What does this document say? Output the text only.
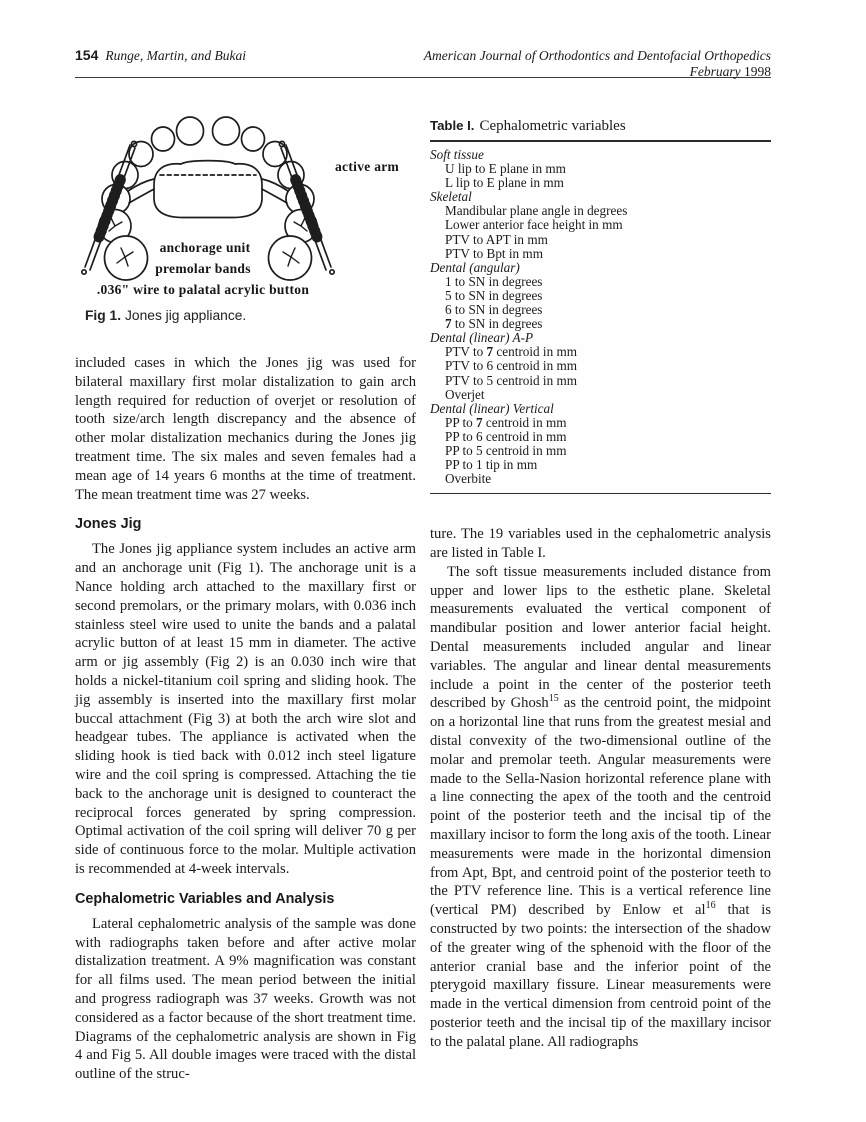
154 Runge, Martin, and Bukai	American Journal of Orthodontics and Dentofacial Orthopedics
February 1998
active arm
anchorage unit
premolar bands
.036" wire to palatal acrylic button
Fig 1. Jones jig appliance.

included cases in which the Jones jig was used for bilateral maxillary first molar distalization to gain arch length required for reduction of overjet or resolution of tooth size/arch length discrepancy and the absence of other molar distalization mechanics during the Jones jig treatment time. The six males and seven females had a mean age of 14 years 6 months at the time of treatment. The mean treatment time was 27 weeks.

Jones Jig

The Jones jig appliance system includes an active arm and an anchorage unit (Fig 1). The anchorage unit is a Nance holding arch attached to the maxillary first or second premolars, or the primary molars, with 0.036 inch stainless steel wire used to unite the bands and a palatal acrylic button of at least 15 mm in diameter. The active arm or jig assembly (Fig 2) is an 0.030 inch wire that holds a nickel-titanium coil spring and sliding hook. The jig assembly is inserted into the maxillary first molar buccal attachment (Fig 3) at both the arch wire slot and headgear tubes. The appliance is activated when the sliding hook is tied back with 0.012 inch steel ligature wire and the coil spring is compressed. Attaching the tie back to the anchorage unit is designed to counteract the reciprocal forces generated by spring compression. Optimal activation of the coil spring will deliver 70 g per side of continuous force to the molar. Multiple activation is recommended at 4-week intervals.

Cephalometric Variables and Analysis

Lateral cephalometric analysis of the sample was done with radiographs taken before and after active molar distalization treatment. A 9% magnification was constant for all films used. The mean period between the initial and progress radiograph was 37 weeks. Growth was not considered as a factor because of the short treatment time. Diagrams of the cephalometric analysis are shown in Fig 4 and Fig 5. All double images were traced with the distal outline of the struc-

Table I. Cephalometric variables
Soft tissue
U lip to E plane in mm
L lip to E plane in mm
Skeletal
Mandibular plane angle in degrees
Lower anterior face height in mm
PTV to APT in mm
PTV to Bpt in mm
Dental (angular)
1 to SN in degrees
5 to SN in degrees
6 to SN in degrees
7 to SN in degrees
Dental (linear) A-P
PTV to 7 centroid in mm
PTV to 6 centroid in mm
PTV to 5 centroid in mm
Overjet
Dental (linear) Vertical
PP to 7 centroid in mm
PP to 6 centroid in mm
PP to 5 centroid in mm
PP to 1 tip in mm
Overbite

ture. The 19 variables used in the cephalometric analysis are listed in Table I.

The soft tissue measurements included distance from upper and lower lips to the esthetic plane. Skeletal measurements evaluated the vertical component of mandibular position and lower anterior facial height. Dental measurements included angular and linear variables. The angular and linear dental measurements include a point in the center of the posterior teeth described by Ghosh$^{15}$ as the centroid point, the midpoint on a horizontal line that runs from the greatest mesial and distal convexity of the two-dimensional outline of the molar and premolar teeth. Angular measurements were made to the Sella-Nasion horizontal reference plane with a line connecting the apex of the tooth and the centroid point of the posterior teeth and the incisal tip of the maxillary incisor to form the long axis of the tooth. Linear measurements were made in the horizontal dimension from Apt, Bpt, and centroid point of the posterior teeth to the PTV reference line. This is a vertical reference line (vertical PM) described by Enlow et $al^{16}$ that is constructed by two points: the intersection of the shadow of the greater wing of the sphenoid with the floor of the anterior cranial base and the inferior point of the pterygoid maxillary fissure. Linear measurements were made in the vertical dimension from centroid point of the posterior teeth and the incisal tip of the maxillary incisor to the palatal plane. All radiographs
